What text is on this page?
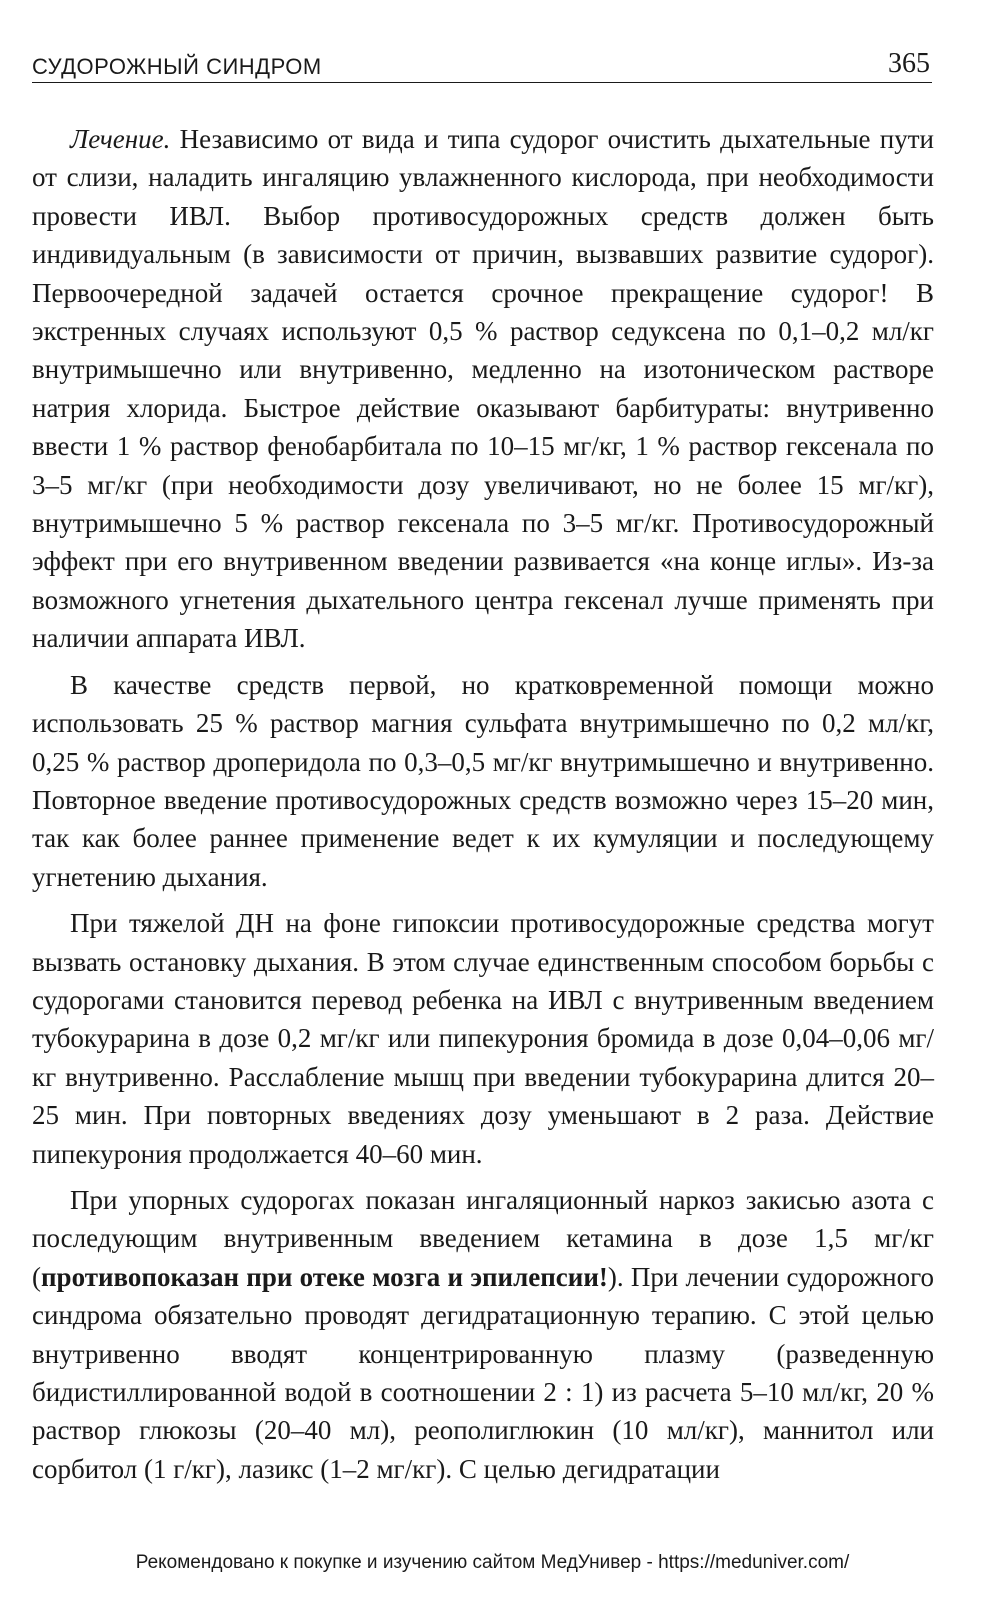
СУДОРОЖНЫЙ СИНДРОМ	365

Лечение. Независимо от вида и типа судорог очистить дыхательные пути от слизи, наладить ингаляцию увлажненного кислорода, при необходимости провести ИВЛ. Выбор противосудорожных средств должен быть индивидуальным (в зависимости от причин, вызвавших развитие судорог). Первоочередной задачей остается срочное прекращение судорог! В экстренных случаях используют 0,5 % раствор седуксена по 0,1–0,2 мл/кг внутримышечно или внутривенно, медленно на изотоническом растворе натрия хлорида. Быстрое действие оказывают барбитураты: внутривенно ввести 1 % раствор фенобарбитала по 10–15 мг/кг, 1 % раствор гексенала по 3–5 мг/кг (при необходимости дозу увеличивают, но не более 15 мг/кг), внутримышечно 5 % раствор гексенала по 3–5 мг/кг. Противосудорожный эффект при его внутривенном введении развивается «на конце иглы». Из-за возможного угнетения дыхательного центра гексенал лучше применять при наличии аппарата ИВЛ.

В качестве средств первой, но кратковременной помощи можно использовать 25 % раствор магния сульфата внутримышечно по 0,2 мл/кг, 0,25 % раствор дроперидола по 0,3–0,5 мг/кг внутримышечно и внутривенно. Повторное введение противосудорожных средств возможно через 15–20 мин, так как более раннее применение ведет к их кумуляции и последующему угнетению дыхания.

При тяжелой ДН на фоне гипоксии противосудорожные средства могут вызвать остановку дыхания. В этом случае единственным способом борьбы с судорогами становится перевод ребенка на ИВЛ с внутривенным введением тубокурарина в дозе 0,2 мг/кг или пипекурония бромида в дозе 0,04–0,06 мг/кг внутривенно. Расслабление мышц при введении тубокурарина длится 20–25 мин. При повторных введениях дозу уменьшают в 2 раза. Действие пипекурония продолжается 40–60 мин.

При упорных судорогах показан ингаляционный наркоз закисью азота с последующим внутривенным введением кетамина в дозе 1,5 мг/кг (противопоказан при отеке мозга и эпилепсии!). При лечении судорожного синдрома обязательно проводят дегидратационную терапию. С этой целью внутривенно вводят концентрированную плазму (разведенную бидистиллированной водой в соотношении 2 : 1) из расчета 5–10 мл/кг, 20 % раствор глюкозы (20–40 мл), реополиглюкин (10 мл/кг), маннитол или сорбитол (1 г/кг), лазикс (1–2 мг/кг). С целью дегидратации

Рекомендовано к покупке и изучению сайтом МедУнивер - https://meduniver.com/
